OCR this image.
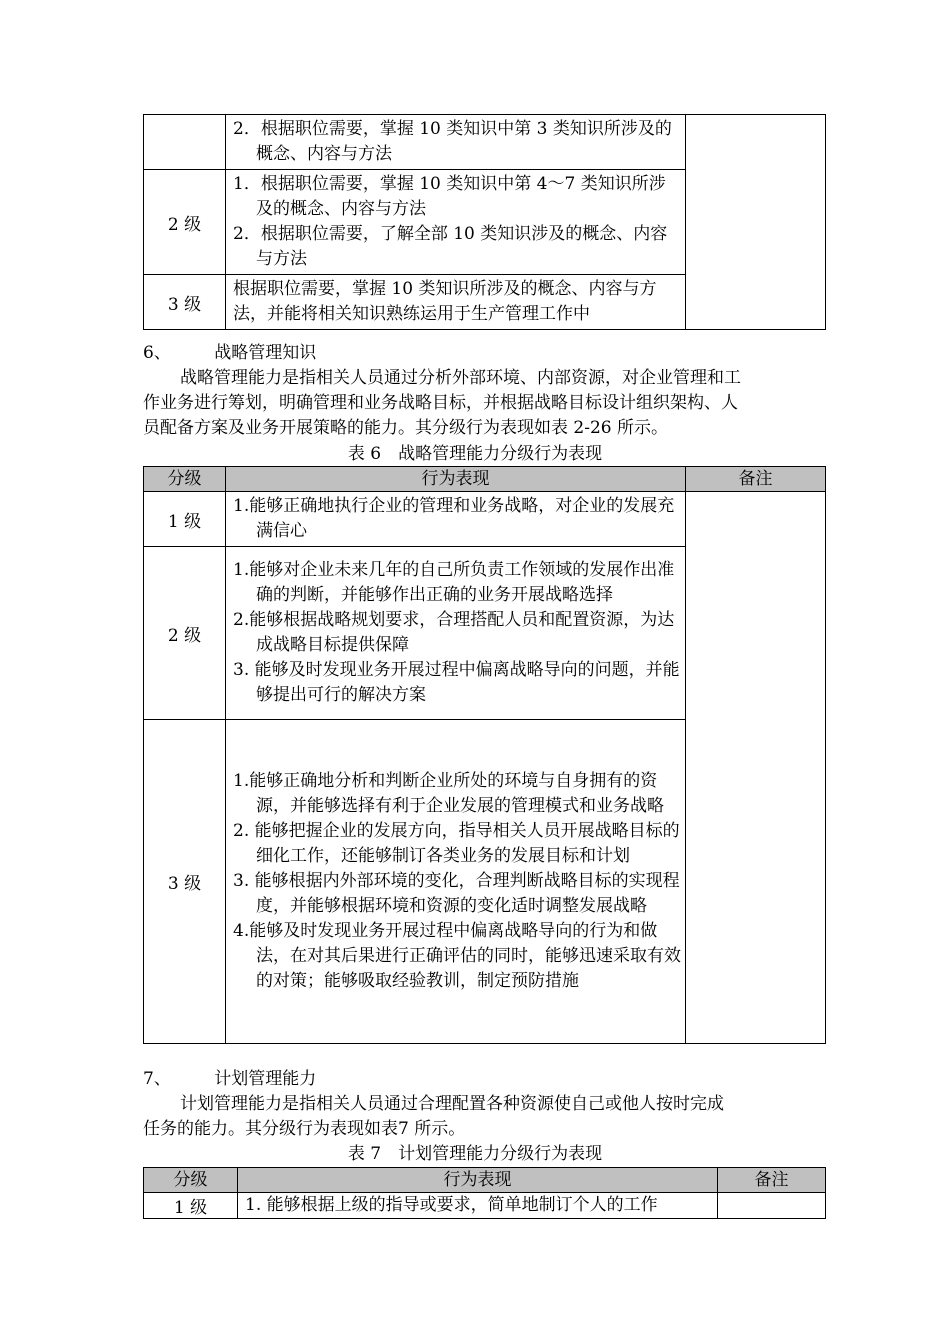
	2．根据职位需要，掌握 10 类知识中第 3 类知识所涉及的概念、内容与方法	

2 级	1．根据职位需要，掌握 10 类知识中第 4～7 类知识所涉及的概念、内容与方法
2．根据职位需要，了解全部 10 类知识涉及的概念、内容与方法	

3 级	根据职位需要，掌握 10 类知识所涉及的概念、内容与方法，并能将相关知识熟练运用于生产管理工作中	
6、	战略管理知识
战略管理能力是指相关人员通过分析外部环境、内部资源，对企业管理和工
作业务进行筹划，明确管理和业务战略目标，并根据战略目标设计组织架构、人
员配备方案及业务开展策略的能力。其分级行为表现如表 2-26 所示。
表 6　战略管理能力分级行为表现
分级	行为表现	备注
1 级	1.能够正确地执行企业的管理和业务战略，对企业的发展充满信心	

2 级	1.能够对企业未来几年的自己所负责工作领域的发展作出准确的判断，并能够作出正确的业务开展战略选择
2.能够根据战略规划要求，合理搭配人员和配置资源，为达成战略目标提供保障
3. 能够及时发现业务开展过程中偏离战略导向的问题，并能够提出可行的解决方案	

3 级	1.能够正确地分析和判断企业所处的环境与自身拥有的资源，并能够选择有利于企业发展的管理模式和业务战略
2. 能够把握企业的发展方向，指导相关人员开展战略目标的细化工作，还能够制订各类业务的发展目标和计划
3. 能够根据内外部环境的变化，合理判断战略目标的实现程度，并能够根据环境和资源的变化适时调整发展战略
4.能够及时发现业务开展过程中偏离战略导向的行为和做法，在对其后果进行正确评估的同时，能够迅速采取有效的对策；能够吸取经验教训，制定预防措施	
7、	计划管理能力
计划管理能力是指相关人员通过合理配置各种资源使自己或他人按时完成
任务的能力。其分级行为表现如表7 所示。
表 7　计划管理能力分级行为表现
分级	行为表现	备注
1 级	1. 能够根据上级的指导或要求，简单地制订个人的工作	
